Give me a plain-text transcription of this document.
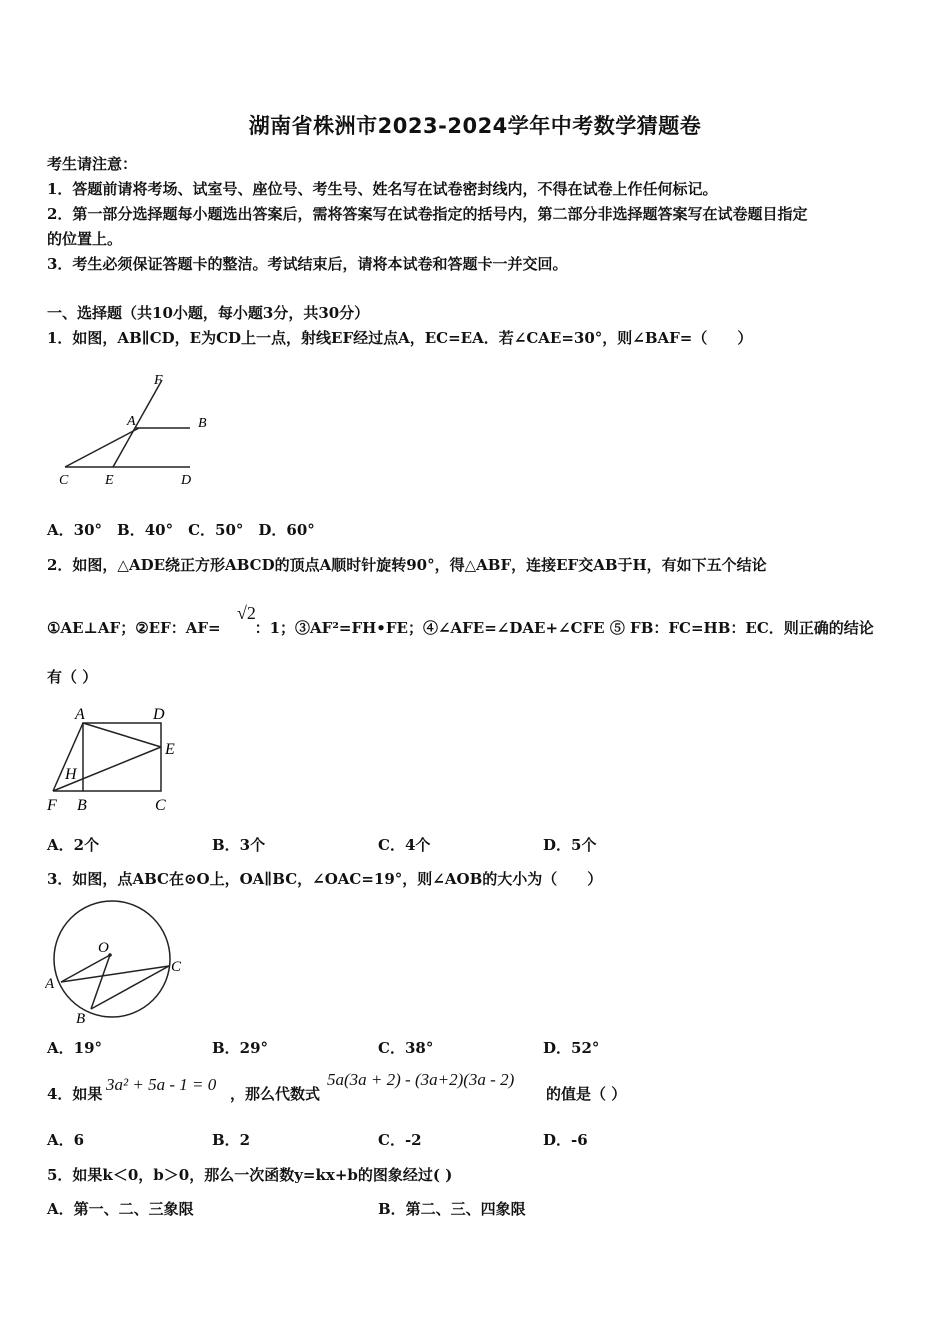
湖南省株洲市2023-2024学年中考数学猜题卷
考生请注意：
1．答题前请将考场、试室号、座位号、考生号、姓名写在试卷密封线内，不得在试卷上作任何标记。
2．第一部分选择题每小题选出答案后，需将答案写在试卷指定的括号内，第二部分非选择题答案写在试卷题目指定
的位置上。
3．考生必须保证答题卡的整洁。考试结束后，请将本试卷和答题卡一并交回。
一、选择题（共10小题，每小题3分，共30分）
1．如图，AB∥CD，E为CD上一点，射线EF经过点A，EC=EA．若∠CAE=30°，则∠BAF=（　　）
F
A	B
C	E	D
A．30°　B．40°　C．50°　D．60°
2．如图，△ADE绕正方形ABCD的顶点A顺时针旋转90°，得△ABF，连接EF交AB于H，有如下五个结论
①AE⊥AF；②EF：AF= ：1；③AF²=FH•FE；④∠AFE=∠DAE+∠CFE ⑤ FB：FC=HB：EC．则正确的结论
√2
有（ ）
A	D
E
H
F B	C
A．2个	B．3个	C．4个	D．5个
3．如图，点ABC在⊙O上，OA∥BC，∠OAC=19°，则∠AOB的大小为（　　）
O
C
A
B
A．19°	B．29°	C．38°	D．52°
4．如果 3a² + 5a - 1 = 0 ，那么代数式
5a(3a + 2) - (3a+2)(3a - 2)
的值是（ ）
A．6	B．2	C．-2	D．-6
5．如果k＜0，b＞0，那么一次函数y=kx+b的图象经过( )
A．第一、二、三象限	B．第二、三、四象限
